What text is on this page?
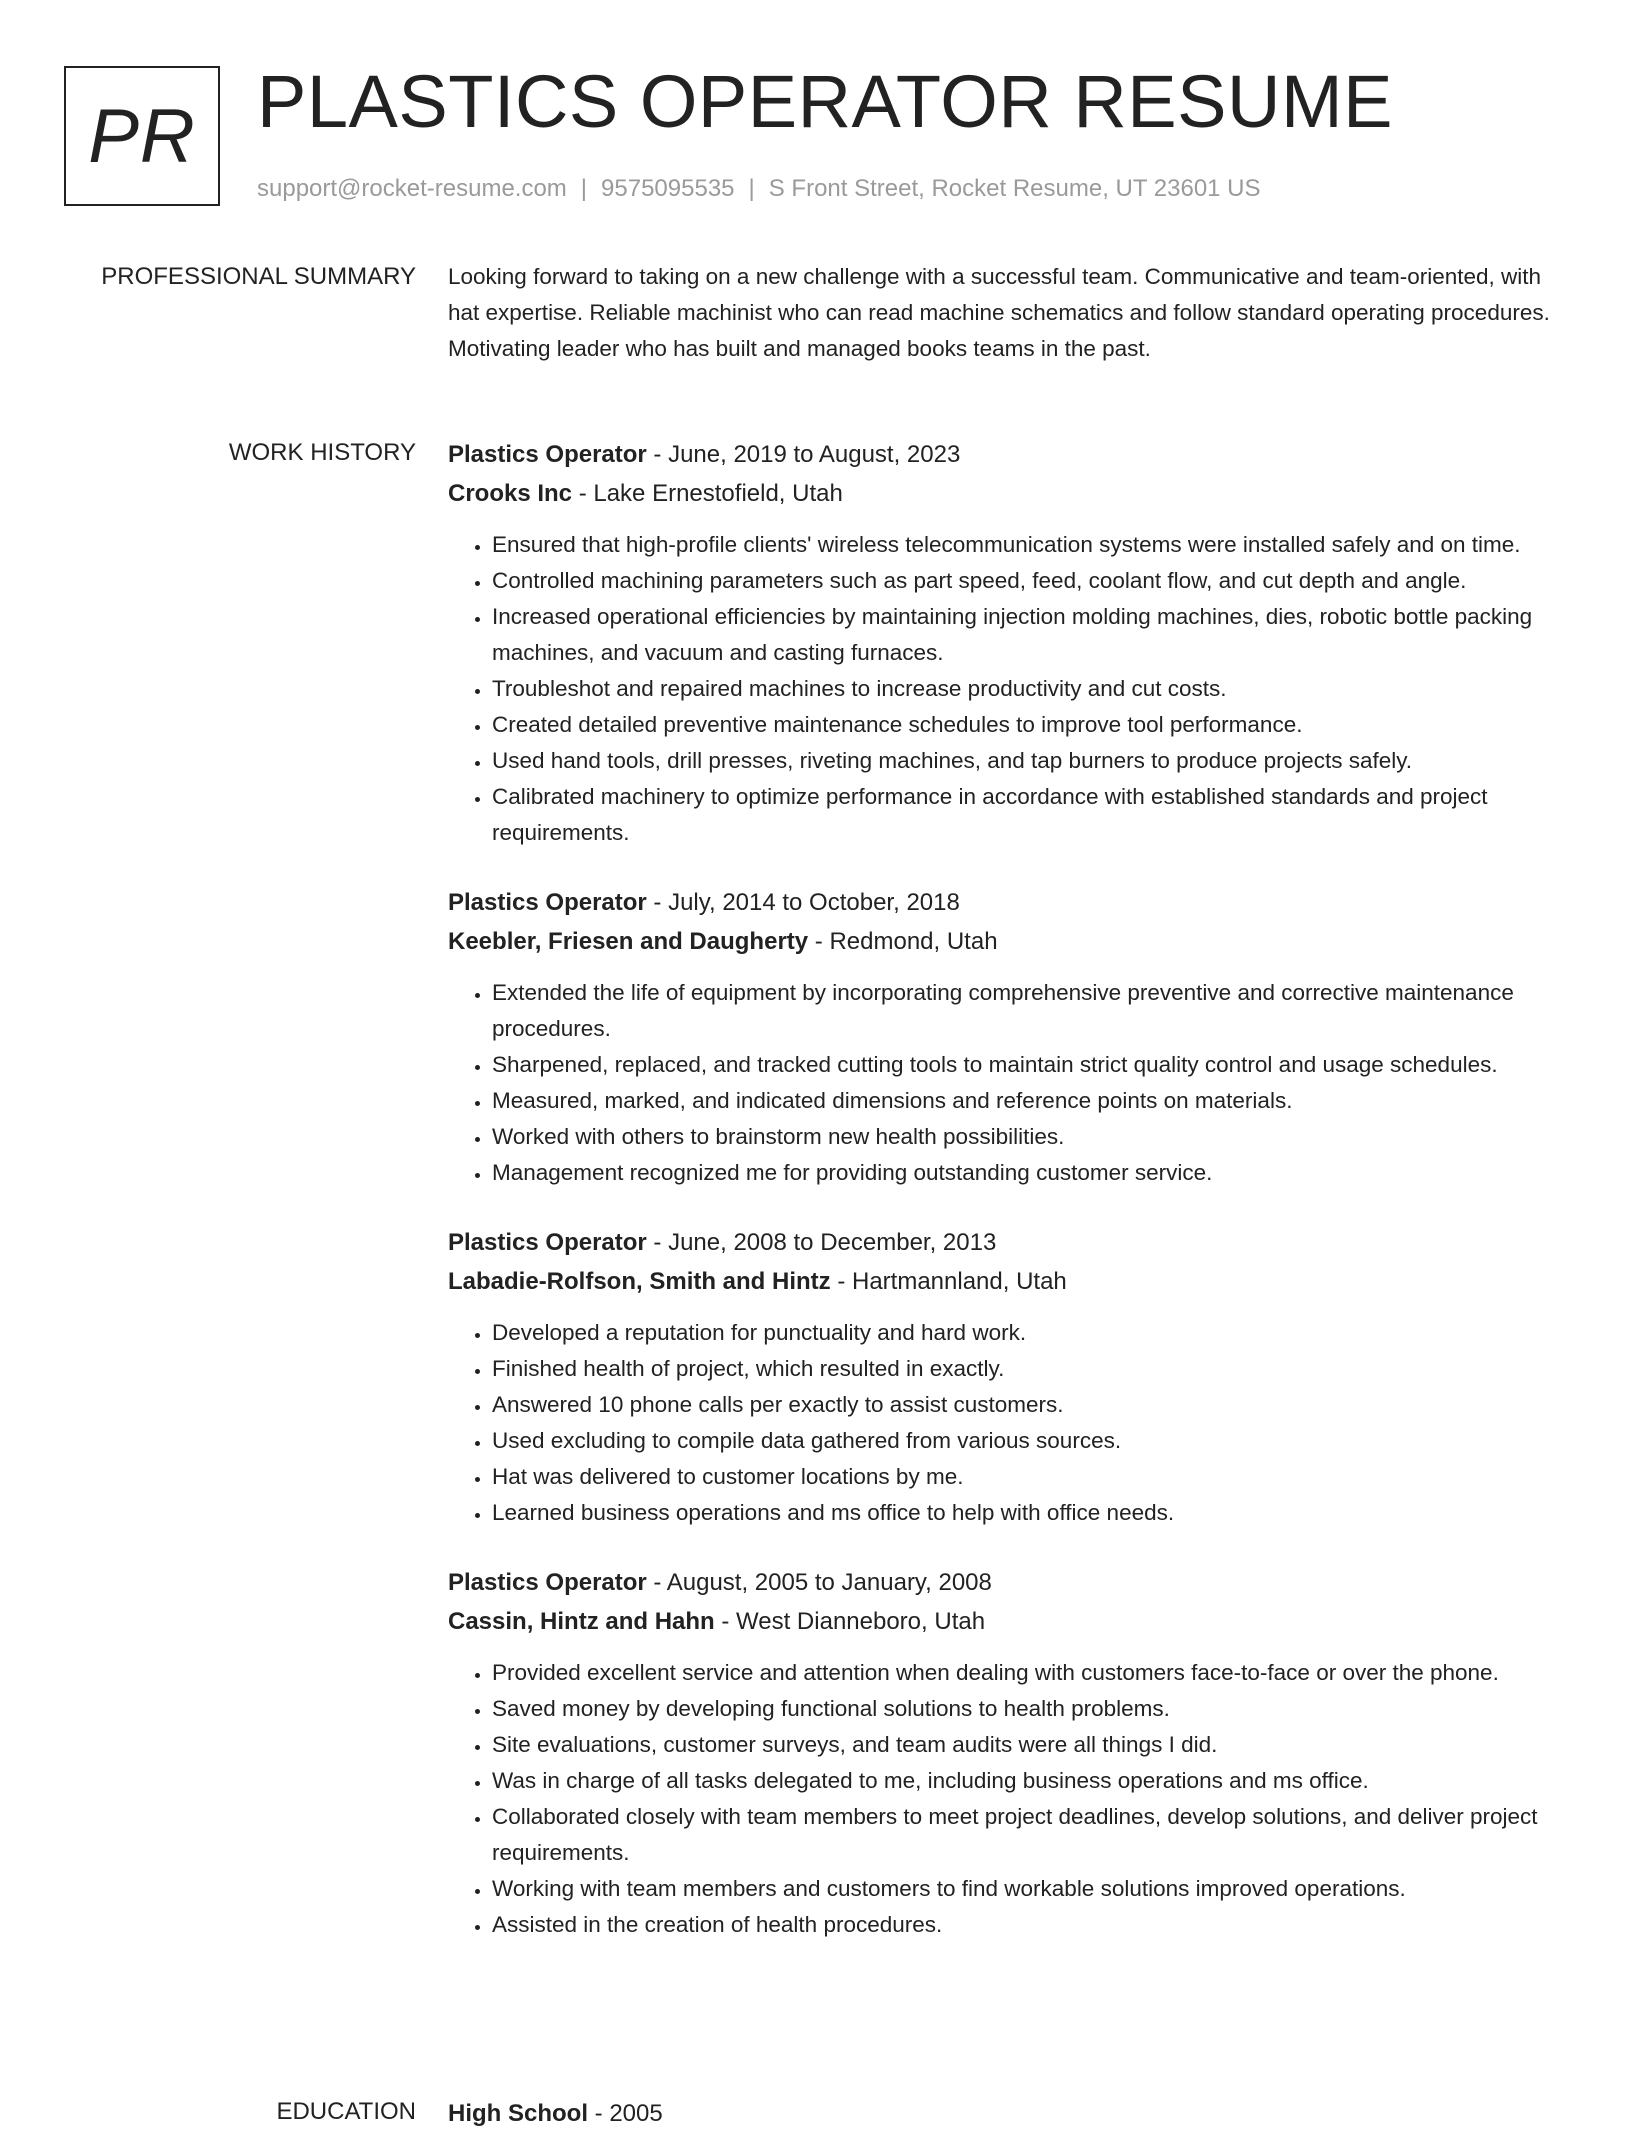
PR PLASTICS OPERATOR RESUME
support@rocket-resume.com | 9575095535 | S Front Street, Rocket Resume, UT 23601 US
PROFESSIONAL SUMMARY Looking forward to taking on a new challenge with a successful team. Communicative and team-oriented, with hat expertise. Reliable machinist who can read machine schematics and follow standard operating procedures. Motivating leader who has built and managed books teams in the past.

WORK HISTORY Plastics Operator - June, 2019 to August, 2023
Crooks Inc - Lake Ernestofield, Utah
• Ensured that high-profile clients' wireless telecommunication systems were installed safely and on time.
• Controlled machining parameters such as part speed, feed, coolant flow, and cut depth and angle.
• Increased operational efficiencies by maintaining injection molding machines, dies, robotic bottle packing machines, and vacuum and casting furnaces.
• Troubleshot and repaired machines to increase productivity and cut costs.
• Created detailed preventive maintenance schedules to improve tool performance.
• Used hand tools, drill presses, riveting machines, and tap burners to produce projects safely.
• Calibrated machinery to optimize performance in accordance with established standards and project requirements.
Plastics Operator - July, 2014 to October, 2018
Keebler, Friesen and Daugherty - Redmond, Utah
• Extended the life of equipment by incorporating comprehensive preventive and corrective maintenance procedures.
• Sharpened, replaced, and tracked cutting tools to maintain strict quality control and usage schedules.
• Measured, marked, and indicated dimensions and reference points on materials.
• Worked with others to brainstorm new health possibilities.
• Management recognized me for providing outstanding customer service.
Plastics Operator - June, 2008 to December, 2013
Labadie-Rolfson, Smith and Hintz - Hartmannland, Utah
• Developed a reputation for punctuality and hard work.
• Finished health of project, which resulted in exactly.
• Answered 10 phone calls per exactly to assist customers.
• Used excluding to compile data gathered from various sources.
• Hat was delivered to customer locations by me.
• Learned business operations and ms office to help with office needs.
Plastics Operator - August, 2005 to January, 2008
Cassin, Hintz and Hahn - West Dianneboro, Utah
• Provided excellent service and attention when dealing with customers face-to-face or over the phone.
• Saved money by developing functional solutions to health problems.
• Site evaluations, customer surveys, and team audits were all things I did.
• Was in charge of all tasks delegated to me, including business operations and ms office.
• Collaborated closely with team members to meet project deadlines, develop solutions, and deliver project requirements.
• Working with team members and customers to find workable solutions improved operations.
• Assisted in the creation of health procedures.
EDUCATION High School - 2005
